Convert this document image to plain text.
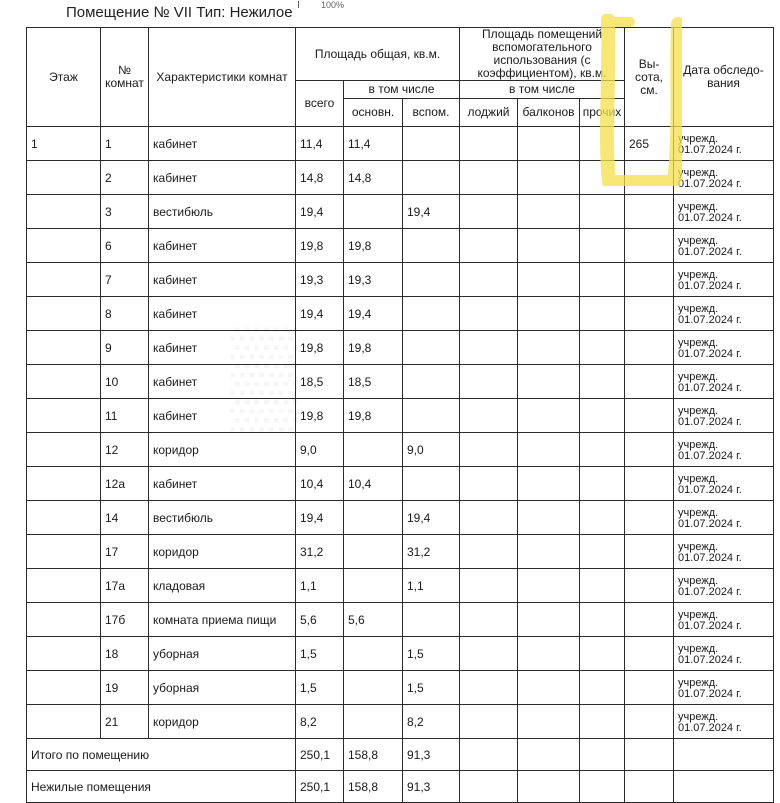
100%
Помещение № VII Тип: Нежилое
Этаж	№ комнат	Характеристики комнат	Площадь общая, кв.м.			Площадь помещений вспомогательного использования (с коэффициентом), кв.м.			Вы-сота, см.	Дата обследо-вания
			всего	в том числе		в том числе				
				основн.	вспом.	лоджий	балконов	прочих		
1	1	кабинет	11,4	11,4					265	учрежд. 01.07.2024 г.
	2	кабинет	14,8	14,8						учрежд. 01.07.2024 г.
	3	вестибюль	19,4		19,4					учрежд. 01.07.2024 г.
	6	кабинет	19,8	19,8						учрежд. 01.07.2024 г.
	7	кабинет	19,3	19,3						учрежд. 01.07.2024 г.
	8	кабинет	19,4	19,4						учрежд. 01.07.2024 г.
	9	кабинет	19,8	19,8						учрежд. 01.07.2024 г.
	10	кабинет	18,5	18,5						учрежд. 01.07.2024 г.
	11	кабинет	19,8	19,8						учрежд. 01.07.2024 г.
	12	коридор	9,0		9,0					учрежд. 01.07.2024 г.
	12а	кабинет	10,4	10,4						учрежд. 01.07.2024 г.
	14	вестибюль	19,4		19,4					учрежд. 01.07.2024 г.
	17	коридор	31,2		31,2					учрежд. 01.07.2024 г.
	17а	кладовая	1,1		1,1					учрежд. 01.07.2024 г.
	17б	комната приема пищи	5,6	5,6						учрежд. 01.07.2024 г.
	18	уборная	1,5		1,5					учрежд. 01.07.2024 г.
	19	уборная	1,5		1,5					учрежд. 01.07.2024 г.
	21	коридор	8,2		8,2					учрежд. 01.07.2024 г.
Итого по помещению			250,1	158,8	91,3					
Нежилые помещения			250,1	158,8	91,3					
